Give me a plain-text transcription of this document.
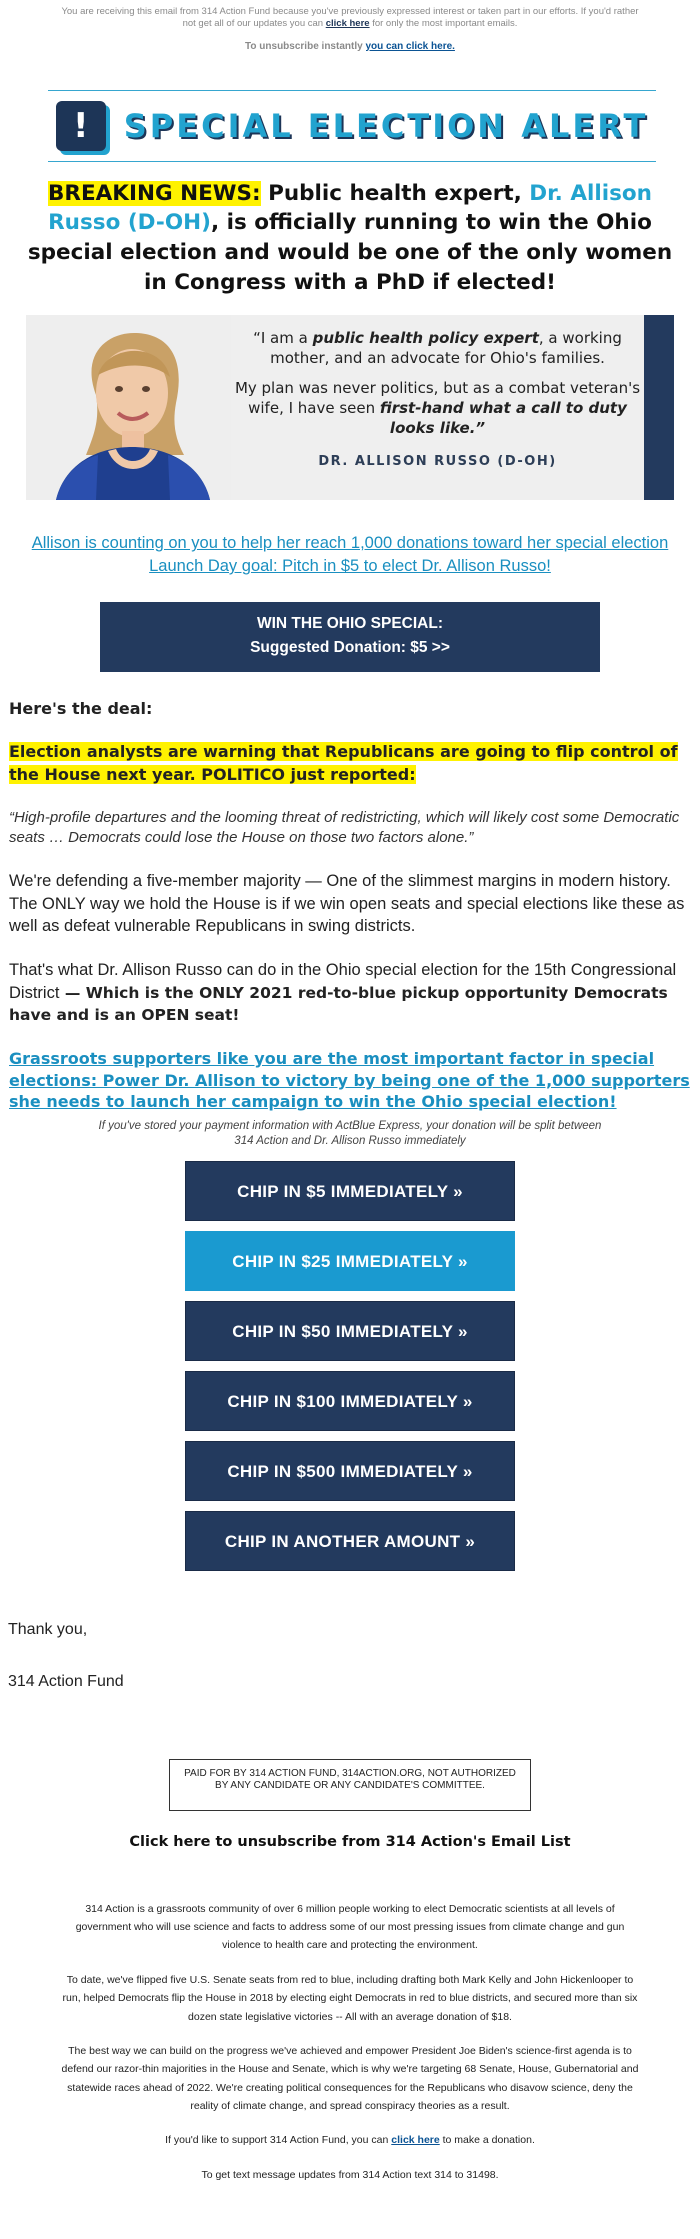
You are receiving this email from 314 Action Fund because you've previously expressed interest or taken part in our efforts. If you'd rather not get all of our updates you can click here for only the most important emails.
To unsubscribe instantly you can click here.
!	SPECIAL ELECTION ALERT
BREAKING NEWS: Public health expert, Dr. Allison Russo (D-OH), is officially running to win the Ohio special election and would be one of the only women in Congress with a PhD if elected!

“I am a public health policy expert, a working mother, and an advocate for Ohio's families.

My plan was never politics, but as a combat veteran's wife, I have seen first-hand what a call to duty looks like.”

DR. ALLISON RUSSO (D-OH)
Allison is counting on you to help her reach 1,000 donations toward her special election Launch Day goal: Pitch in $5 to elect Dr. Allison Russo!
WIN THE OHIO SPECIAL:
Suggested Donation: $5 >>

Here's the deal:

Election analysts are warning that Republicans are going to flip control of the House next year. POLITICO just reported:

“High-profile departures and the looming threat of redistricting, which will likely cost some Democratic seats … Democrats could lose the House on those two factors alone.”

We're defending a five-member majority — One of the slimmest margins in modern history. The ONLY way we hold the House is if we win open seats and special elections like these as well as defeat vulnerable Republicans in swing districts.

That's what Dr. Allison Russo can do in the Ohio special election for the 15th Congressional District — Which is the ONLY 2021 red-to-blue pickup opportunity Democrats have and is an OPEN seat!

Grassroots supporters like you are the most important factor in special elections: Power Dr. Allison to victory by being one of the 1,000 supporters she needs to launch her campaign to win the Ohio special election!
If you've stored your payment information with ActBlue Express, your donation will be split between 314 Action and Dr. Allison Russo immediately
CHIP IN $5 IMMEDIATELY »
CHIP IN $25 IMMEDIATELY »
CHIP IN $50 IMMEDIATELY »
CHIP IN $100 IMMEDIATELY »
CHIP IN $500 IMMEDIATELY »
CHIP IN ANOTHER AMOUNT »

Thank you,

314 Action Fund

PAID FOR BY 314 ACTION FUND, 314ACTION.ORG, NOT AUTHORIZED BY ANY CANDIDATE OR ANY CANDIDATE'S COMMITTEE.
Click here to unsubscribe from 314 Action's Email List

314 Action is a grassroots community of over 6 million people working to elect Democratic scientists at all levels of government who will use science and facts to address some of our most pressing issues from climate change and gun violence to health care and protecting the environment.

To date, we've flipped five U.S. Senate seats from red to blue, including drafting both Mark Kelly and John Hickenlooper to run, helped Democrats flip the House in 2018 by electing eight Democrats in red to blue districts, and secured more than six dozen state legislative victories -- All with an average donation of $18.

The best way we can build on the progress we've achieved and empower President Joe Biden's science-first agenda is to defend our razor-thin majorities in the House and Senate, which is why we're targeting 68 Senate, House, Gubernatorial and statewide races ahead of 2022. We're creating political consequences for the Republicans who disavow science, deny the reality of climate change, and spread conspiracy theories as a result.

If you'd like to support 314 Action Fund, you can click here to make a donation.

To get text message updates from 314 Action text 314 to 31498.
